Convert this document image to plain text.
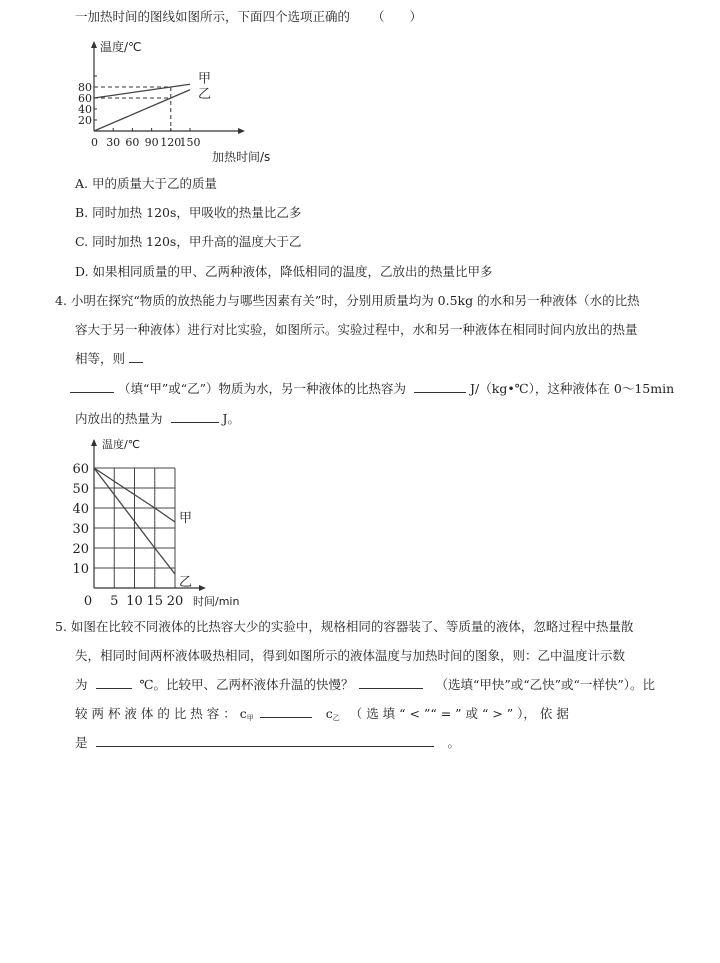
一加热时间的图线如图所示，下面四个选项正确的 （　　）
温度/℃
加热时间/s
20
40
60
80
0 30 60 90 120
150
甲
乙
A. 甲的质量大于乙的质量
B. 同时加热 120s，甲吸收的热量比乙多
C. 同时加热 120s，甲升高的温度大于乙
D. 如果相同质量的甲、乙两种液体，降低相同的温度，乙放出的热量比甲多
4. 小明在探究“物质的放热能力与哪些因素有关”时，分别用质量均为 0.5kg 的水和另一种液体（水的比热
容大于另一种液体）进行对比实验，如图所示。实验过程中，水和另一种液体在相同时间内放出的热量
相等，则
（填“甲”或“乙”）物质为水，另一种液体的比热容为	J/（kg•℃），这种液体在 0～15min
内放出的热量为	J。
温度/℃
时间/min
10
20
30
40
50
60
0 5 10 15 20
甲
乙
5. 如图在比较不同液体的比热容大少的实验中，规格相同的容器装了、等质量的液体，忽略过程中热量散
失，相同时间两杯液体吸热相同，得到如图所示的液体温度与加热时间的图象，则：乙中温度计示数
为	℃。比较甲、乙两杯液体升温的快慢？	（选填“甲快”或“乙快”或“一样快”）。比
较 两 杯 液 体 的 比 热 容 ： $c_甲$	$c_乙$ （ 选 填 “ < ”“ = ” 或 “ > ” ）， 依 据
是	。
